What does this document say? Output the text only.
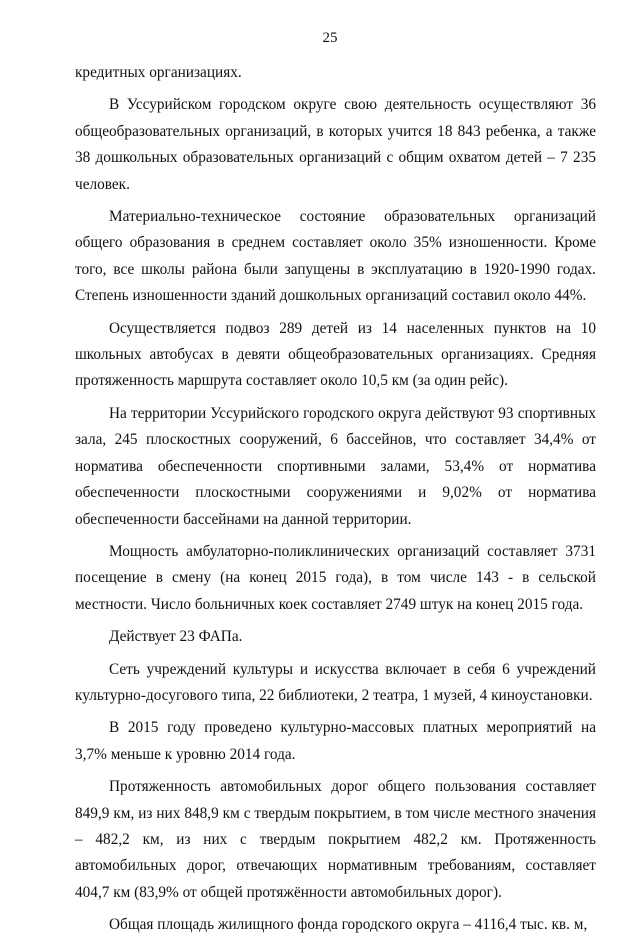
25

кредитных организациях.

В Уссурийском городском округе свою деятельность осуществляют 36 общеобразовательных организаций, в которых учится 18 843 ребенка, а также 38 дошкольных образовательных организаций с общим охватом детей – 7 235 человек.

Материально-техническое состояние образовательных организаций общего образования в среднем составляет около 35% изношенности. Кроме того, все школы района были запущены в эксплуатацию в 1920-1990 годах. Степень изношенности зданий дошкольных организаций составил около 44%.

Осуществляется подвоз 289 детей из 14 населенных пунктов на 10 школьных автобусах в девяти общеобразовательных организациях. Средняя протяженность маршрута составляет около 10,5 км (за один рейс).

На территории Уссурийского городского округа действуют 93 спортивных зала, 245 плоскостных сооружений, 6 бассейнов, что составляет 34,4% от норматива обеспеченности спортивными залами, 53,4% от норматива обеспеченности плоскостными сооружениями и 9,02% от норматива обеспеченности бассейнами на данной территории.

Мощность амбулаторно-поликлинических организаций составляет 3731 посещение в смену (на конец 2015 года), в том числе 143 - в сельской местности. Число больничных коек составляет 2749 штук на конец 2015 года.

Действует 23 ФАПа.

Сеть учреждений культуры и искусства включает в себя 6 учреждений культурно-досугового типа, 22 библиотеки, 2 театра, 1 музей, 4 киноустановки.

В 2015 году проведено культурно-массовых платных мероприятий на 3,7% меньше к уровню 2014 года.

Протяженность автомобильных дорог общего пользования составляет 849,9 км, из них 848,9 км с твердым покрытием, в том числе местного значения – 482,2 км, из них с твердым покрытием 482,2 км. Протяженность автомобильных дорог, отвечающих нормативным требованиям, составляет 404,7 км (83,9% от общей протяжённости автомобильных дорог).

Общая площадь жилищного фонда городского округа – 4116,4 тыс. кв. м,
